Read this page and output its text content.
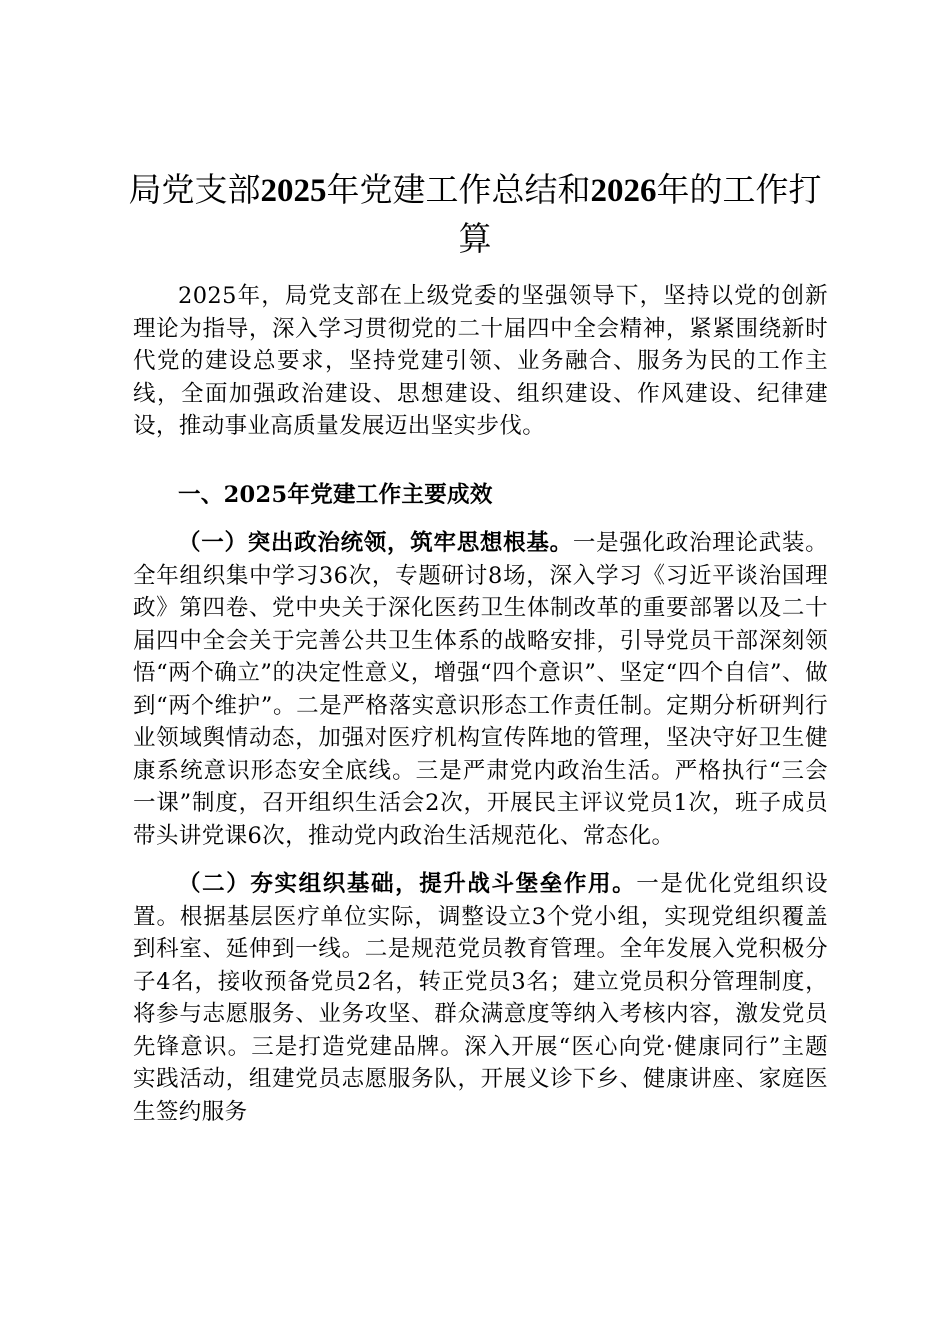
局党支部2025年党建工作总结和2026年的工作打算

2025年，局党支部在上级党委的坚强领导下，坚持以党的创新理论为指导，深入学习贯彻党的二十届四中全会精神，紧紧围绕新时代党的建设总要求，坚持党建引领、业务融合、服务为民的工作主线，全面加强政治建设、思想建设、组织建设、作风建设、纪律建设，推动事业高质量发展迈出坚实步伐。

一、2025年党建工作主要成效

（一）突出政治统领，筑牢思想根基。一是强化政治理论武装。全年组织集中学习36次，专题研讨8场，深入学习《习近平谈治国理政》第四卷、党中央关于深化医药卫生体制改革的重要部署以及二十届四中全会关于完善公共卫生体系的战略安排，引导党员干部深刻领悟“两个确立”的决定性意义，增强“四个意识”、坚定“四个自信”、做到“两个维护”。二是严格落实意识形态工作责任制。定期分析研判行业领域舆情动态，加强对医疗机构宣传阵地的管理，坚决守好卫生健康系统意识形态安全底线。三是严肃党内政治生活。严格执行“三会一课”制度，召开组织生活会2次，开展民主评议党员1次，班子成员带头讲党课6次，推动党内政治生活规范化、常态化。

（二）夯实组织基础，提升战斗堡垒作用。一是优化党组织设置。根据基层医疗单位实际，调整设立3个党小组，实现党组织覆盖到科室、延伸到一线。二是规范党员教育管理。全年发展入党积极分子4名，接收预备党员2名，转正党员3名；建立党员积分管理制度，将参与志愿服务、业务攻坚、群众满意度等纳入考核内容，激发党员先锋意识。三是打造党建品牌。深入开展“医心向党·健康同行”主题实践活动，组建党员志愿服务队，开展义诊下乡、健康讲座、家庭医生签约服务
